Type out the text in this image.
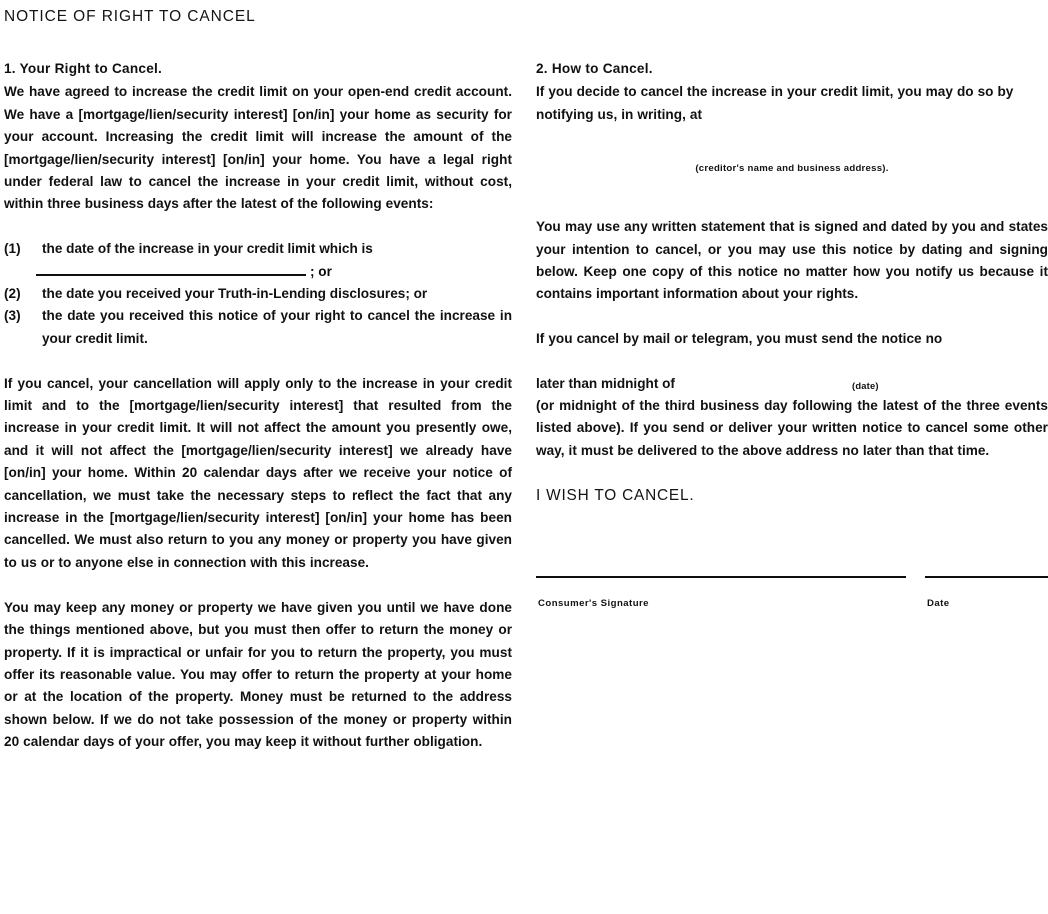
NOTICE OF RIGHT TO CANCEL
1. Your Right to Cancel.

We have agreed to increase the credit limit on your open-end credit account. We have a [mortgage/lien/security interest] [on/in] your home as security for your account. Increasing the credit limit will increase the amount of the [mortgage/lien/security interest] [on/in] your home. You have a legal right under federal law to cancel the increase in your credit limit, without cost, within three business days after the latest of the following events:

(1) the date of the increase in your credit limit which is
; or
(2) the date you received your Truth-in-Lending disclosures; or
(3) the date you received this notice of your right to cancel the increase in your credit limit.

If you cancel, your cancellation will apply only to the increase in your credit limit and to the [mortgage/lien/security interest] that resulted from the increase in your credit limit. It will not affect the amount you presently owe, and it will not affect the [mortgage/lien/security interest] we already have [on/in] your home. Within 20 calendar days after we receive your notice of cancellation, we must take the necessary steps to reflect the fact that any increase in the [mortgage/lien/security interest] [on/in] your home has been cancelled. We must also return to you any money or property you have given to us or to anyone else in connection with this increase.

You may keep any money or property we have given you until we have done the things mentioned above, but you must then offer to return the money or property. If it is impractical or unfair for you to return the property, you must offer its reasonable value. You may offer to return the property at your home or at the location of the property. Money must be returned to the address shown below. If we do not take possession of the money or property within 20 calendar days of your offer, you may keep it without further obligation.

2. How to Cancel.

If you decide to cancel the increase in your credit limit, you may do so by notifying us, in writing, at

(creditor's name and business address).

You may use any written statement that is signed and dated by you and states your intention to cancel, or you may use this notice by dating and signing below. Keep one copy of this notice no matter how you notify us because it contains important information about your rights.

If you cancel by mail or telegram, you must send the notice no

later than midnight of	(date)

(or midnight of the third business day following the latest of the three events listed above). If you send or deliver your written notice to cancel some other way, it must be delivered to the above address no later than that time.

I WISH TO CANCEL.
Consumer's Signature	Date
